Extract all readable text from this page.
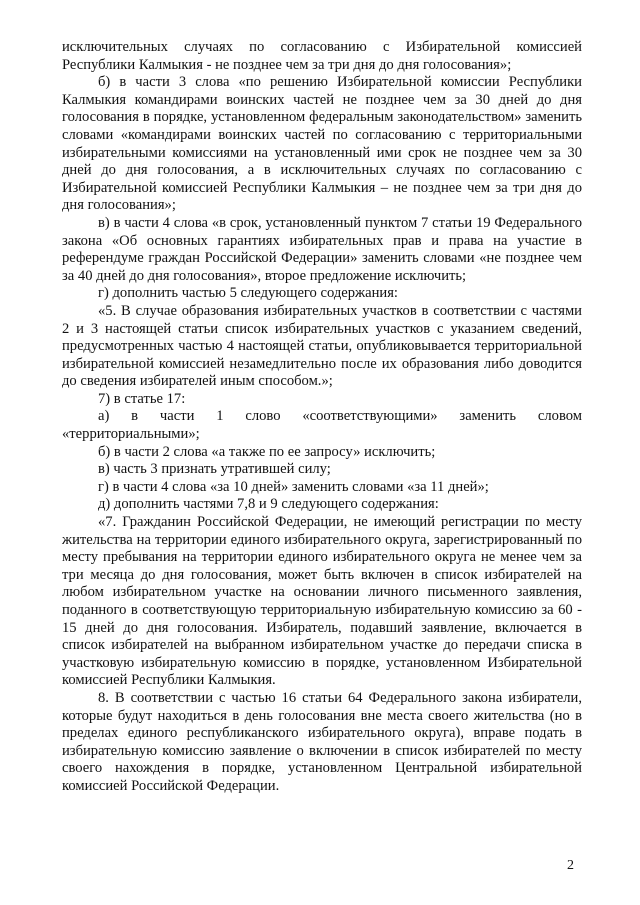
исключительных случаях по согласованию с Избирательной комиссией Республики Калмыкия - не позднее чем за три дня до дня голосования»;

б) в части 3 слова «по решению Избирательной комиссии Республики Калмыкия командирами воинских частей не позднее чем за 30 дней до дня голосования в порядке, установленном федеральным законодательством» заменить словами «командирами воинских частей по согласованию с территориальными избирательными комиссиями на установленный ими срок не позднее чем за 30 дней до дня голосования, а в исключительных случаях по согласованию с Избирательной комиссией Республики Калмыкия – не позднее чем за три дня до дня голосования»;

в) в части 4 слова «в срок, установленный пунктом 7 статьи 19 Федерального закона «Об основных гарантиях избирательных прав и права на участие в референдуме граждан Российской Федерации» заменить словами «не позднее чем за 40 дней до дня голосования», второе предложение исключить;

г) дополнить частью 5 следующего содержания:

«5. В случае образования избирательных участков в соответствии с частями 2 и 3 настоящей статьи список избирательных участков с указанием сведений, предусмотренных частью 4 настоящей статьи, опубликовывается территориальной избирательной комиссией незамедлительно после их образования либо доводится до сведения избирателей иным способом.»;

7) в статье 17:

а) в части 1 слово «соответствующими» заменить словом «территориальными»;

б) в части 2 слова «а также по ее запросу» исключить;

в) часть 3 признать утратившей силу;

г) в части 4 слова «за 10 дней» заменить словами «за 11 дней»;

д) дополнить частями 7,8 и 9 следующего содержания:

«7. Гражданин Российской Федерации, не имеющий регистрации по месту жительства на территории единого избирательного округа, зарегистрированный по месту пребывания на территории единого избирательного округа не менее чем за три месяца до дня голосования, может быть включен в список избирателей на любом избирательном участке на основании личного письменного заявления, поданного в соответствующую территориальную избирательную комиссию за 60 - 15 дней до дня голосования. Избиратель, подавший заявление, включается в список избирателей на выбранном избирательном участке до передачи списка в участковую избирательную комиссию в порядке, установленном Избирательной комиссией Республики Калмыкия.

8. В соответствии с частью 16 статьи 64 Федерального закона избиратели, которые будут находиться в день голосования вне места своего жительства (но в пределах единого республиканского избирательного округа), вправе подать в избирательную комиссию заявление о включении в список избирателей по месту своего нахождения в порядке, установленном Центральной избирательной комиссией Российской Федерации.

2
